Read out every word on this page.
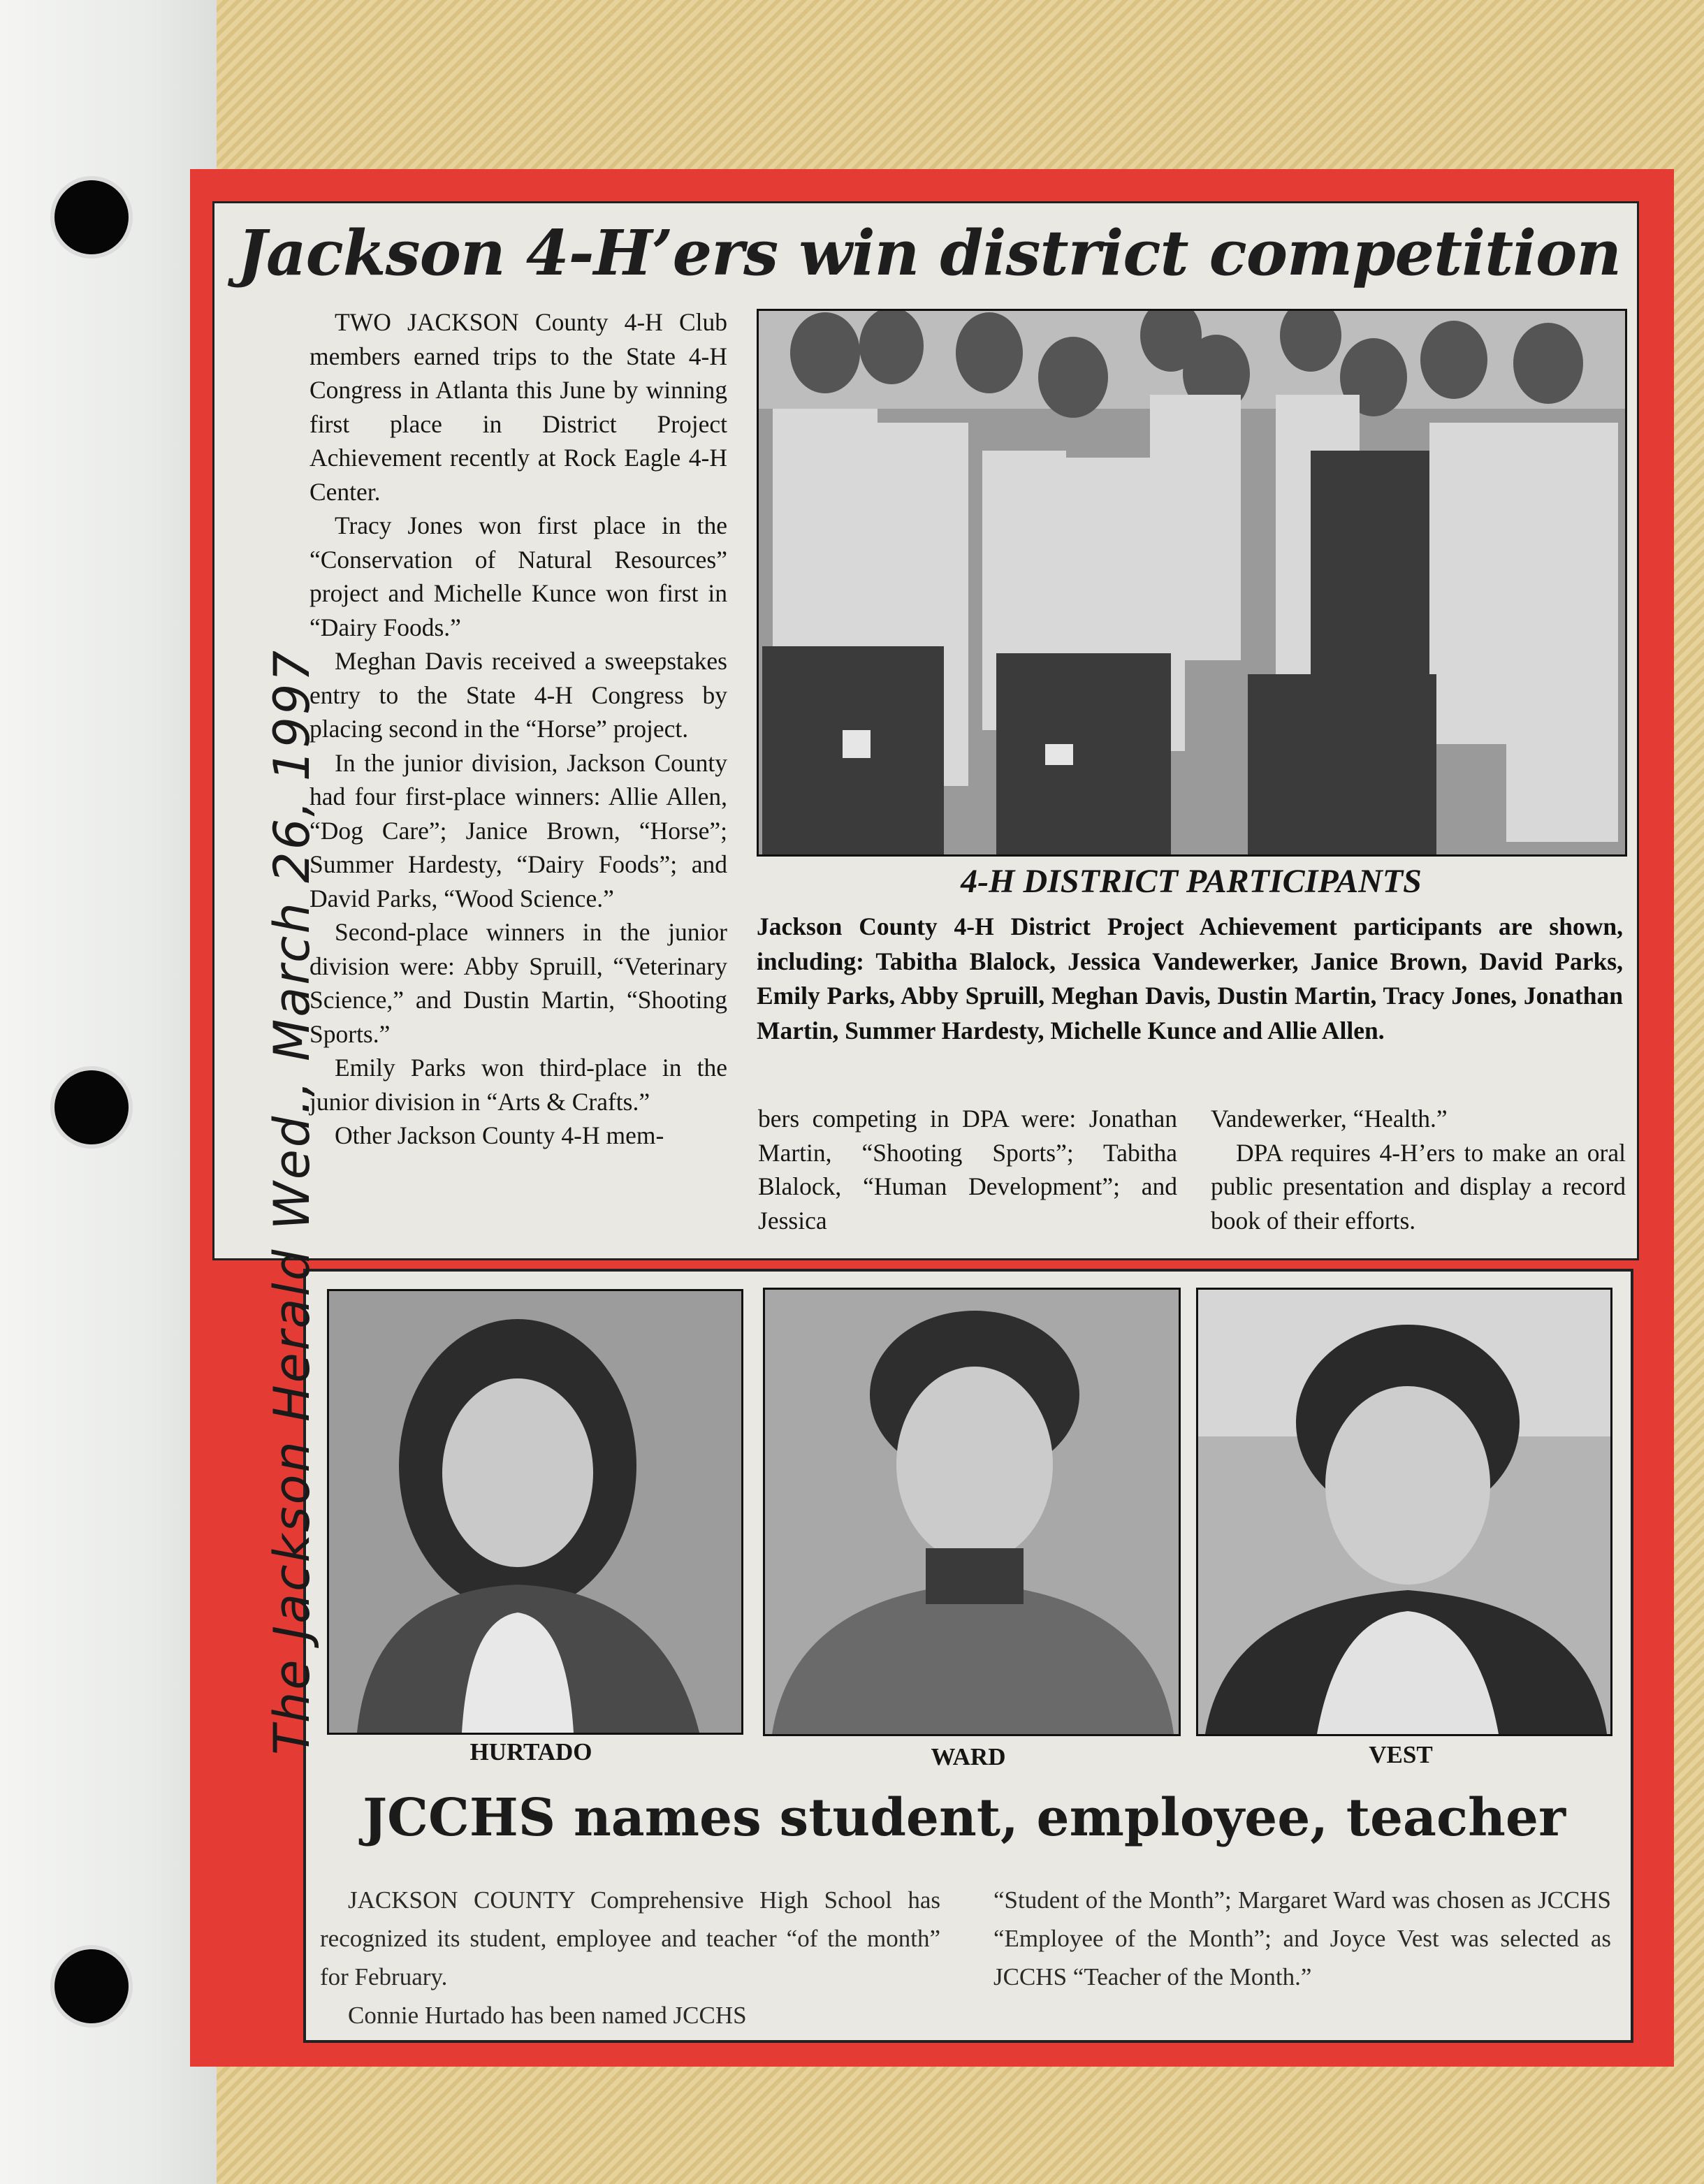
Jackson 4-H’ers win district competition

TWO JACKSON County 4-H Club members earned trips to the State 4-H Congress in Atlanta this June by winning first place in District Project Achievement recently at Rock Eagle 4-H Center.

Tracy Jones won first place in the “Conservation of Natural Resources” project and Michelle Kunce won first in “Dairy Foods.”

Meghan Davis received a sweepstakes entry to the State 4-H Congress by placing second in the “Horse” project.

In the junior division, Jackson County had four first-place winners: Allie Allen, “Dog Care”; Janice Brown, “Horse”; Summer Hardesty, “Dairy Foods”; and David Parks, “Wood Science.”

Second-place winners in the junior division were: Abby Spruill, “Veterinary Science,” and Dustin Martin, “Shooting Sports.”

Emily Parks won third-place in the junior division in “Arts & Crafts.”

Other Jackson County 4-H mem-

4-H DISTRICT PARTICIPANTS
Jackson County 4-H District Project Achievement participants are shown, including: Tabitha Blalock, Jessica Vandewerker, Janice Brown, David Parks, Emily Parks, Abby Spruill, Meghan Davis, Dustin Martin, Tracy Jones, Jonathan Martin, Summer Hardesty, Michelle Kunce and Allie Allen.

bers competing in DPA were: Jonathan Martin, “Shooting Sports”; Tabitha Blalock, “Human Development”; and Jessica

Vandewerker, “Health.”

DPA requires 4-H’ers to make an oral public presentation and display a record book of their efforts.

HURTADO	WARD	VEST
JCCHS names student, employee, teacher

JACKSON COUNTY Comprehensive High School has recognized its student, employee and teacher “of the month” for February.

Connie Hurtado has been named JCCHS

“Student of the Month”; Margaret Ward was chosen as JCCHS “Employee of the Month”; and Joyce Vest was selected as JCCHS “Teacher of the Month.”

The Jackson Herald Wed., March 26, 1997
